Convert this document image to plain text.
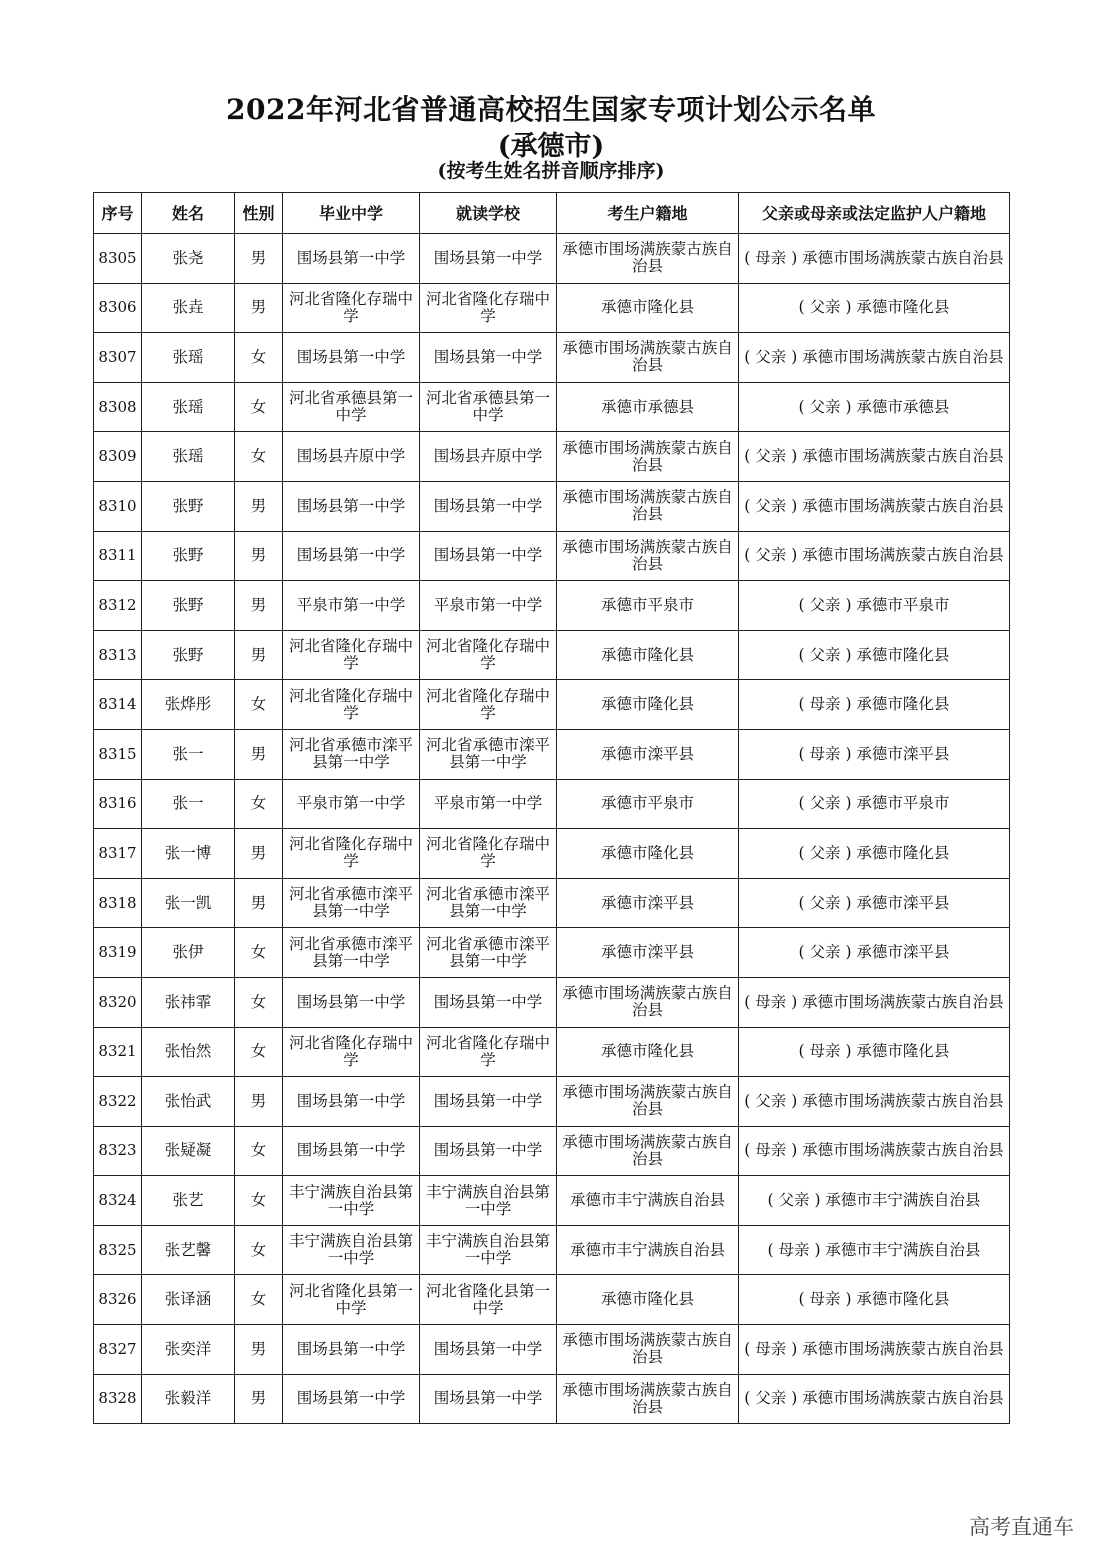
2022年河北省普通高校招生国家专项计划公示名单
(承德市)
(按考生姓名拼音顺序排序)
序号	姓名	性别	毕业中学	就读学校	考生户籍地	父亲或母亲或法定监护人户籍地
8305	张尧	男	围场县第一中学	围场县第一中学	承德市围场满族蒙古族自治县	( 母亲 ) 承德市围场满族蒙古族自治县
8306	张垚	男	河北省隆化存瑞中学	河北省隆化存瑞中学	承德市隆化县	( 父亲 ) 承德市隆化县
8307	张瑶	女	围场县第一中学	围场县第一中学	承德市围场满族蒙古族自治县	( 父亲 ) 承德市围场满族蒙古族自治县
8308	张瑶	女	河北省承德县第一中学	河北省承德县第一中学	承德市承德县	( 父亲 ) 承德市承德县
8309	张瑶	女	围场县卉原中学	围场县卉原中学	承德市围场满族蒙古族自治县	( 父亲 ) 承德市围场满族蒙古族自治县
8310	张野	男	围场县第一中学	围场县第一中学	承德市围场满族蒙古族自治县	( 父亲 ) 承德市围场满族蒙古族自治县
8311	张野	男	围场县第一中学	围场县第一中学	承德市围场满族蒙古族自治县	( 父亲 ) 承德市围场满族蒙古族自治县
8312	张野	男	平泉市第一中学	平泉市第一中学	承德市平泉市	( 父亲 ) 承德市平泉市
8313	张野	男	河北省隆化存瑞中学	河北省隆化存瑞中学	承德市隆化县	( 父亲 ) 承德市隆化县
8314	张烨彤	女	河北省隆化存瑞中学	河北省隆化存瑞中学	承德市隆化县	( 母亲 ) 承德市隆化县
8315	张一	男	河北省承德市滦平县第一中学	河北省承德市滦平县第一中学	承德市滦平县	( 母亲 ) 承德市滦平县
8316	张一	女	平泉市第一中学	平泉市第一中学	承德市平泉市	( 父亲 ) 承德市平泉市
8317	张一博	男	河北省隆化存瑞中学	河北省隆化存瑞中学	承德市隆化县	( 父亲 ) 承德市隆化县
8318	张一凯	男	河北省承德市滦平县第一中学	河北省承德市滦平县第一中学	承德市滦平县	( 父亲 ) 承德市滦平县
8319	张伊	女	河北省承德市滦平县第一中学	河北省承德市滦平县第一中学	承德市滦平县	( 父亲 ) 承德市滦平县
8320	张祎霏	女	围场县第一中学	围场县第一中学	承德市围场满族蒙古族自治县	( 母亲 ) 承德市围场满族蒙古族自治县
8321	张怡然	女	河北省隆化存瑞中学	河北省隆化存瑞中学	承德市隆化县	( 母亲 ) 承德市隆化县
8322	张怡武	男	围场县第一中学	围场县第一中学	承德市围场满族蒙古族自治县	( 父亲 ) 承德市围场满族蒙古族自治县
8323	张疑凝	女	围场县第一中学	围场县第一中学	承德市围场满族蒙古族自治县	( 母亲 ) 承德市围场满族蒙古族自治县
8324	张艺	女	丰宁满族自治县第一中学	丰宁满族自治县第一中学	承德市丰宁满族自治县	( 父亲 ) 承德市丰宁满族自治县
8325	张艺馨	女	丰宁满族自治县第一中学	丰宁满族自治县第一中学	承德市丰宁满族自治县	( 母亲 ) 承德市丰宁满族自治县
8326	张译涵	女	河北省隆化县第一中学	河北省隆化县第一中学	承德市隆化县	( 母亲 ) 承德市隆化县
8327	张奕洋	男	围场县第一中学	围场县第一中学	承德市围场满族蒙古族自治县	( 母亲 ) 承德市围场满族蒙古族自治县
8328	张毅洋	男	围场县第一中学	围场县第一中学	承德市围场满族蒙古族自治县	( 父亲 ) 承德市围场满族蒙古族自治县
高考直通车
